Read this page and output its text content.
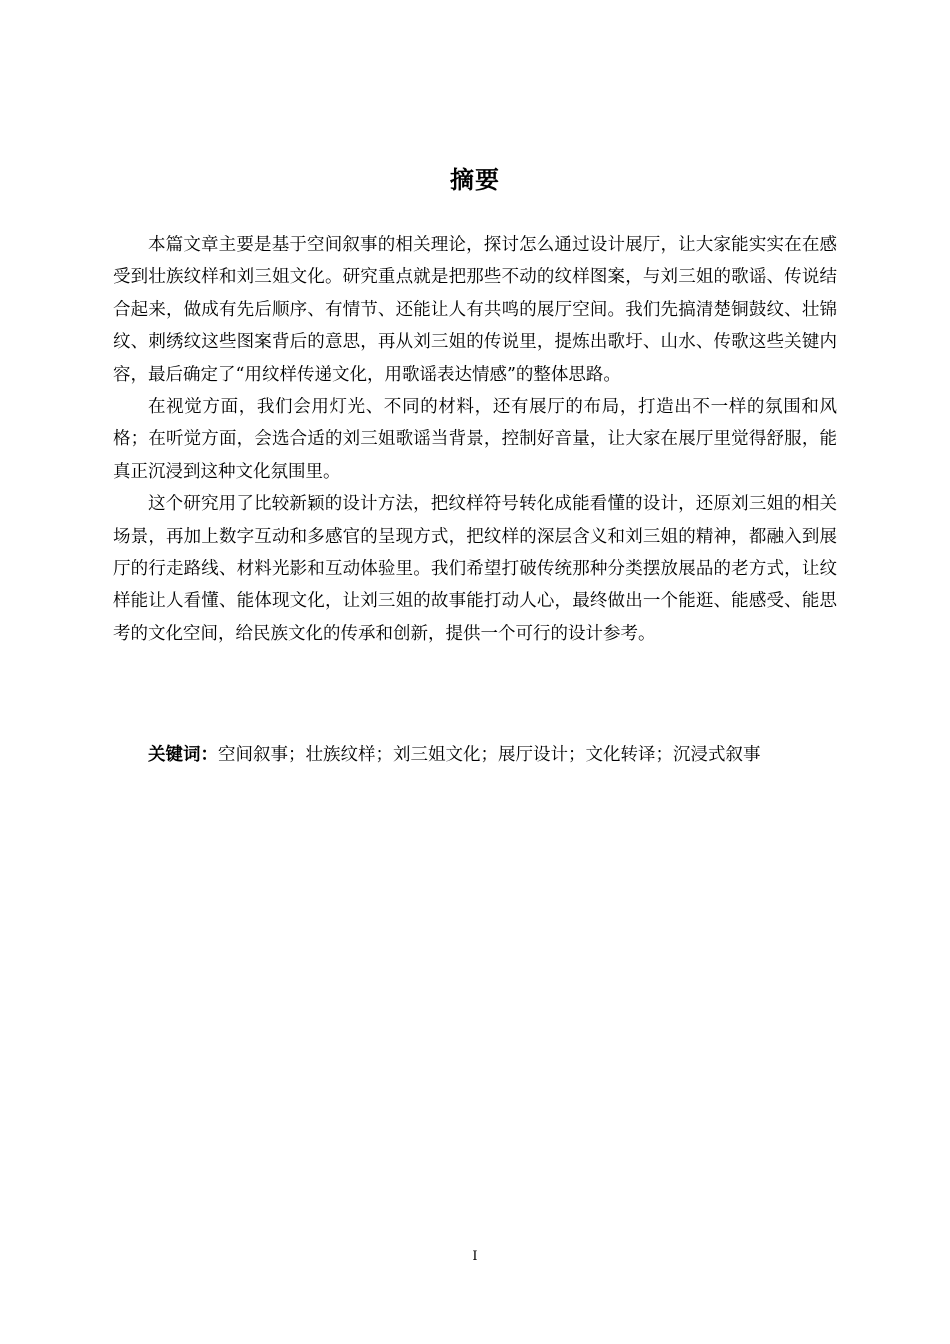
摘要

本篇文章主要是基于空间叙事的相关理论，探讨怎么通过设计展厅，让大家能实实在在感受到壮族纹样和刘三姐文化。研究重点就是把那些不动的纹样图案，与刘三姐的歌谣、传说结合起来，做成有先后顺序、有情节、还能让人有共鸣的展厅空间。我们先搞清楚铜鼓纹、壮锦纹、刺绣纹这些图案背后的意思，再从刘三姐的传说里，提炼出歌圩、山水、传歌这些关键内容，最后确定了“用纹样传递文化，用歌谣表达情感”的整体思路。

在视觉方面，我们会用灯光、不同的材料，还有展厅的布局，打造出不一样的氛围和风格；在听觉方面，会选合适的刘三姐歌谣当背景，控制好音量，让大家在展厅里觉得舒服，能真正沉浸到这种文化氛围里。

这个研究用了比较新颖的设计方法，把纹样符号转化成能看懂的设计，还原刘三姐的相关场景，再加上数字互动和多感官的呈现方式，把纹样的深层含义和刘三姐的精神，都融入到展厅的行走路线、材料光影和互动体验里。我们希望打破传统那种分类摆放展品的老方式，让纹样能让人看懂、能体现文化，让刘三姐的故事能打动人心，最终做出一个能逛、能感受、能思考的文化空间，给民族文化的传承和创新，提供一个可行的设计参考。

关键词：空间叙事；壮族纹样；刘三姐文化；展厅设计；文化转译；沉浸式叙事
I
